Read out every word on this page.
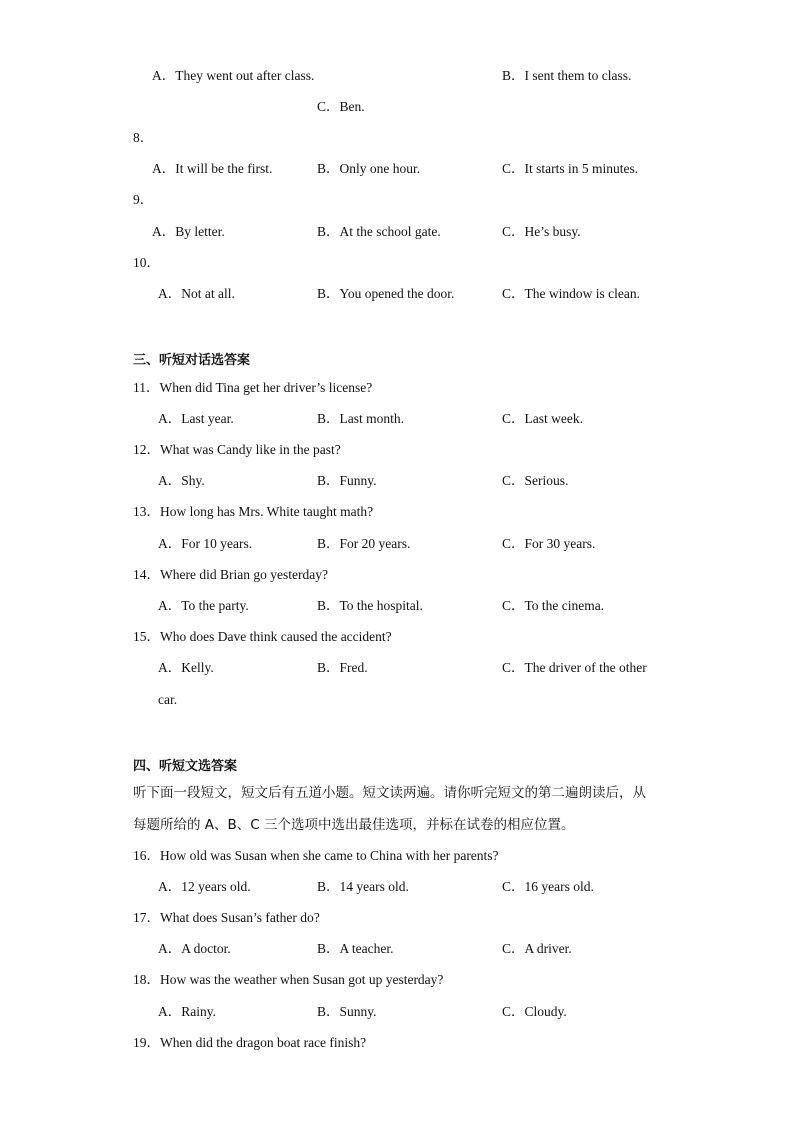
A．They went out after class.	B．I sent them to class.
C．Ben.
8．
A．It will be the first.	B．Only one hour.	C．It starts in 5 minutes.
9．
A．By letter.	B．At the school gate.	C．He’s busy.
10．
A．Not at all.	B．You opened the door.	C．The window is clean.
三、听短对话选答案
11．When did Tina get her driver’s license?
A．Last year.	B．Last month.	C．Last week.
12．What was Candy like in the past?
A．Shy.	B．Funny.	C．Serious.
13．How long has Mrs. White taught math?
A．For 10 years.	B．For 20 years.	C．For 30 years.
14．Where did Brian go yesterday?
A．To the party.	B．To the hospital.	C．To the cinema.
15．Who does Dave think caused the accident?
A．Kelly.	B．Fred.	C．The driver of the other
car.
四、听短文选答案
听下面一段短文，短文后有五道小题。短文读两遍。请你听完短文的第二遍朗读后，从
每题所给的 A、B、C 三个选项中选出最佳选项，并标在试卷的相应位置。
16．How old was Susan when she came to China with her parents?
A．12 years old.	B．14 years old.	C．16 years old.
17．What does Susan’s father do?
A．A doctor.	B．A teacher.	C．A driver.
18．How was the weather when Susan got up yesterday?
A．Rainy.	B．Sunny.	C．Cloudy.
19．When did the dragon boat race finish?
